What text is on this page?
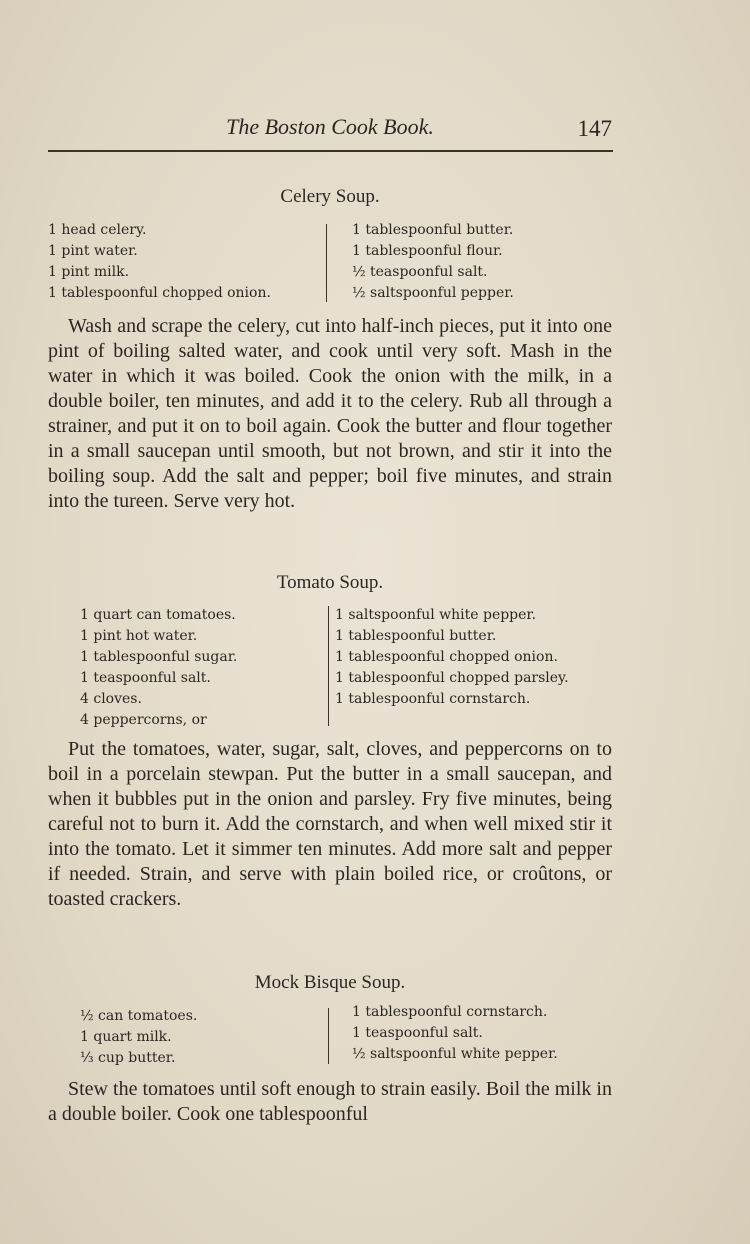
The Boston Cook Book.	147
Celery Soup.
1 head celery.
1 pint water.
1 pint milk.
1 tablespoonful chopped onion.
1 tablespoonful butter.
1 tablespoonful flour.
½ teaspoonful salt.
½ saltspoonful pepper.
Wash and scrape the celery, cut into half-inch pieces, put it into one pint of boiling salted water, and cook until very soft. Mash in the water in which it was boiled. Cook the onion with the milk, in a double boiler, ten minutes, and add it to the celery. Rub all through a strainer, and put it on to boil again. Cook the butter and flour together in a small saucepan until smooth, but not brown, and stir it into the boiling soup. Add the salt and pepper; boil five minutes, and strain into the tureen. Serve very hot.
Tomato Soup.
1 quart can tomatoes.
1 pint hot water.
1 tablespoonful sugar.
1 teaspoonful salt.
4 cloves.
4 peppercorns, or
1 saltspoonful white pepper.
1 tablespoonful butter.
1 tablespoonful chopped onion.
1 tablespoonful chopped parsley.
1 tablespoonful cornstarch.
Put the tomatoes, water, sugar, salt, cloves, and peppercorns on to boil in a porcelain stewpan. Put the butter in a small saucepan, and when it bubbles put in the onion and parsley. Fry five minutes, being careful not to burn it. Add the cornstarch, and when well mixed stir it into the tomato. Let it simmer ten minutes. Add more salt and pepper if needed. Strain, and serve with plain boiled rice, or croûtons, or toasted crackers.
Mock Bisque Soup.
½ can tomatoes.
1 quart milk.
⅓ cup butter.
1 tablespoonful cornstarch.
1 teaspoonful salt.
½ saltspoonful white pepper.
Stew the tomatoes until soft enough to strain easily. Boil the milk in a double boiler. Cook one tablespoonful
